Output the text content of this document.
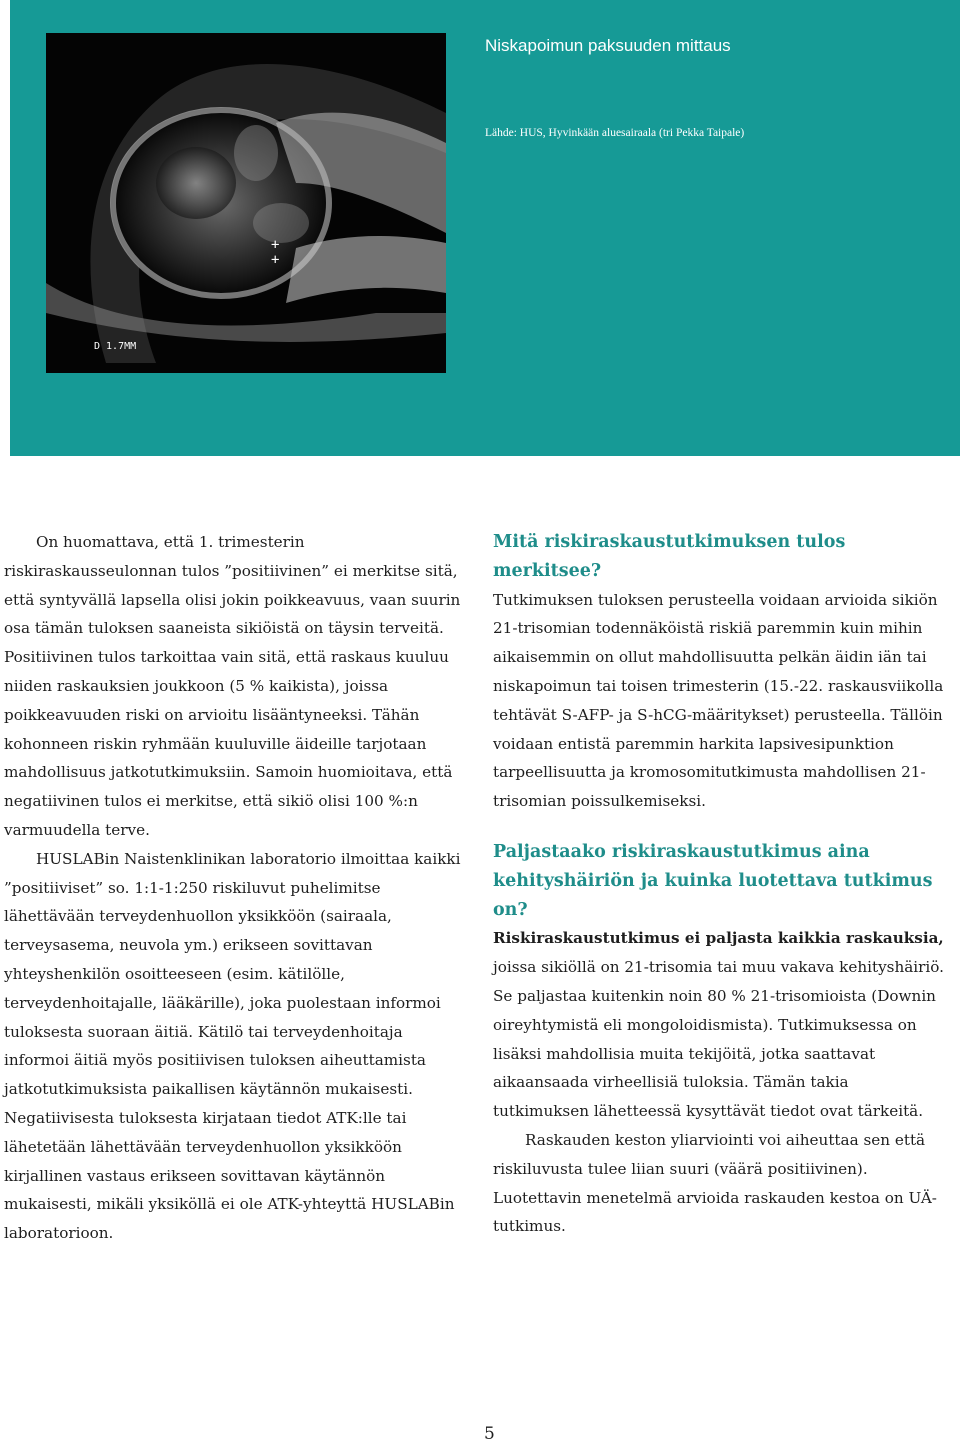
+
+
D 1.7MM

Niskapoimun paksuuden mittaus

Lähde: HUS, Hyvinkään aluesairaala (tri Pekka Taipale)

On huomattava, että 1. trimesterin riskiraskausseulonnan tulos ”positiivinen” ei merkitse sitä, että syntyvällä lapsella olisi jokin poikkeavuus, vaan suurin osa tämän tuloksen saaneista sikiöistä on täysin terveitä. Positiivinen tulos tarkoittaa vain sitä, että raskaus kuuluu niiden raskauksien joukkoon (5 % kaikista), joissa poikkeavuuden riski on arvioitu lisääntyneeksi. Tähän kohonneen riskin ryhmään kuuluville äideille tarjotaan mahdollisuus jatkotutkimuksiin. Samoin huomioitava, että negatiivinen tulos ei merkitse, että sikiö olisi 100 %:n varmuudella terve.

HUSLABin Naistenklinikan laboratorio ilmoittaa kaikki ”positiiviset” so. 1:1-1:250 riskiluvut puhelimitse lähettävään terveydenhuollon yksikköön (sairaala, terveysasema, neuvola ym.) erikseen sovittavan yhteyshenkilön osoitteeseen (esim. kätilölle, terveydenhoitajalle, lääkärille), joka puolestaan informoi tuloksesta suoraan äitiä. Kätilö tai terveydenhoitaja informoi äitiä myös positiivisen tuloksen aiheuttamista jatkotutkimuksista paikallisen käytännön mukaisesti. Negatiivisesta tuloksesta kirjataan tiedot ATK:lle tai lähetetään lähettävään terveydenhuollon yksikköön kirjallinen vastaus erikseen sovittavan käytännön mukaisesti, mikäli yksiköllä ei ole ATK-yhteyttä HUSLABin laboratorioon.

Mitä riskiraskaustutkimuksen tulos merkitsee?

Tutkimuksen tuloksen perusteella voidaan arvioida sikiön 21-trisomian todennäköistä riskiä paremmin kuin mihin aikaisemmin on ollut mahdollisuutta pelkän äidin iän tai niskapoimun tai toisen trimesterin (15.-22. raskausviikolla tehtävät S-AFP- ja S-hCG-määritykset) perusteella. Tällöin voidaan entistä paremmin harkita lapsivesipunktion tarpeellisuutta ja kromosomitutkimusta mahdollisen 21-trisomian poissulkemiseksi.

Paljastaako riskiraskaustutkimus aina kehityshäiriön ja kuinka luotettava tutkimus on?

Riskiraskaustutkimus ei paljasta kaikkia raskauksia, joissa sikiöllä on 21-trisomia tai muu vakava kehityshäiriö. Se paljastaa kuitenkin noin 80 % 21-trisomioista (Downin oireyhtymistä eli mongoloidismista). Tutkimuksessa on lisäksi mahdollisia muita tekijöitä, jotka saattavat aikaansaada virheellisiä tuloksia. Tämän takia tutkimuksen lähetteessä kysyttävät tiedot ovat tärkeitä.

Raskauden keston yliarviointi voi aiheuttaa sen että riskiluvusta tulee liian suuri (väärä positiivinen). Luotettavin menetelmä arvioida raskauden kestoa on UÄ-tutkimus.

5
